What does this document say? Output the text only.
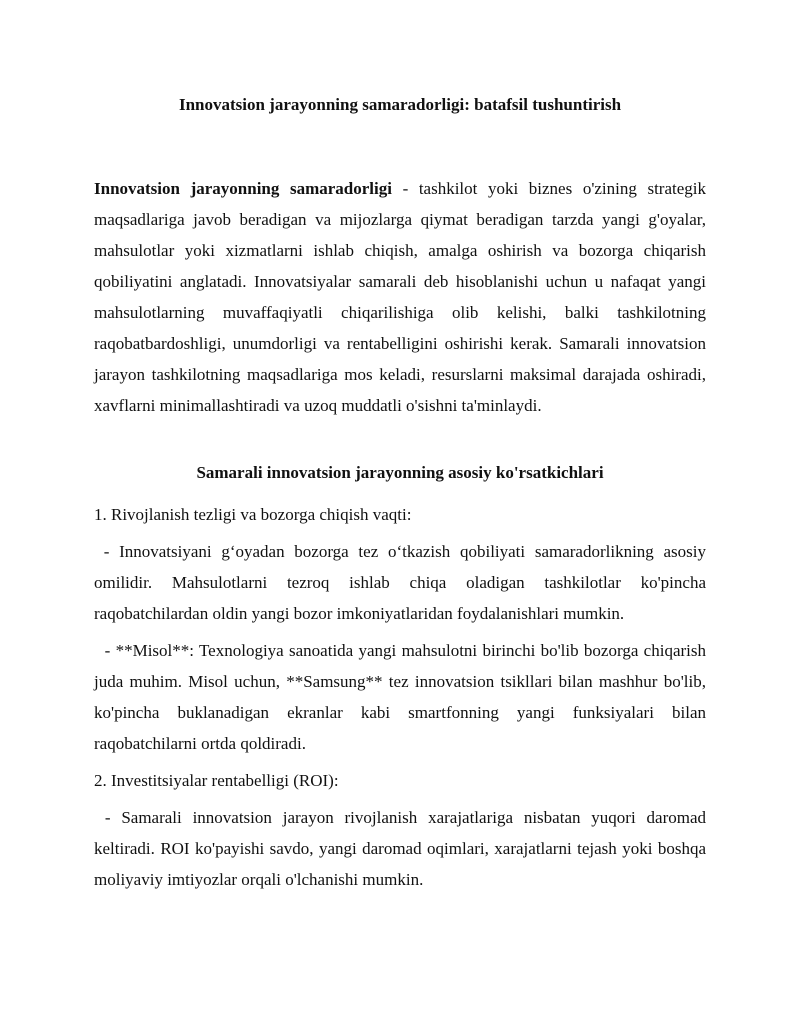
Innovatsion jarayonning samaradorligi: batafsil tushuntirish

Innovatsion jarayonning samaradorligi - tashkilot yoki biznes o'zining strategik maqsadlariga javob beradigan va mijozlarga qiymat beradigan tarzda yangi g'oyalar, mahsulotlar yoki xizmatlarni ishlab chiqish, amalga oshirish va bozorga chiqarish qobiliyatini anglatadi. Innovatsiyalar samarali deb hisoblanishi uchun u nafaqat yangi mahsulotlarning muvaffaqiyatli chiqarilishiga olib kelishi, balki tashkilotning raqobatbardoshligi, unumdorligi va rentabelligini oshirishi kerak. Samarali innovatsion jarayon tashkilotning maqsadlariga mos keladi, resurslarni maksimal darajada oshiradi, xavflarni minimallashtiradi va uzoq muddatli o'sishni ta'minlaydi.

Samarali innovatsion jarayonning asosiy ko'rsatkichlari

1. Rivojlanish tezligi va bozorga chiqish vaqti:

- Innovatsiyani g‘oyadan bozorga tez o‘tkazish qobiliyati samaradorlikning asosiy omilidir. Mahsulotlarni tezroq ishlab chiqa oladigan tashkilotlar ko'pincha raqobatchilardan oldin yangi bozor imkoniyatlaridan foydalanishlari mumkin.

- **Misol**: Texnologiya sanoatida yangi mahsulotni birinchi bo'lib bozorga chiqarish juda muhim. Misol uchun, **Samsung** tez innovatsion tsikllari bilan mashhur bo'lib, ko'pincha buklanadigan ekranlar kabi smartfonning yangi funksiyalari bilan raqobatchilarni ortda qoldiradi.

2. Investitsiyalar rentabelligi (ROI):

- Samarali innovatsion jarayon rivojlanish xarajatlariga nisbatan yuqori daromad keltiradi. ROI ko'payishi savdo, yangi daromad oqimlari, xarajatlarni tejash yoki boshqa moliyaviy imtiyozlar orqali o'lchanishi mumkin.
